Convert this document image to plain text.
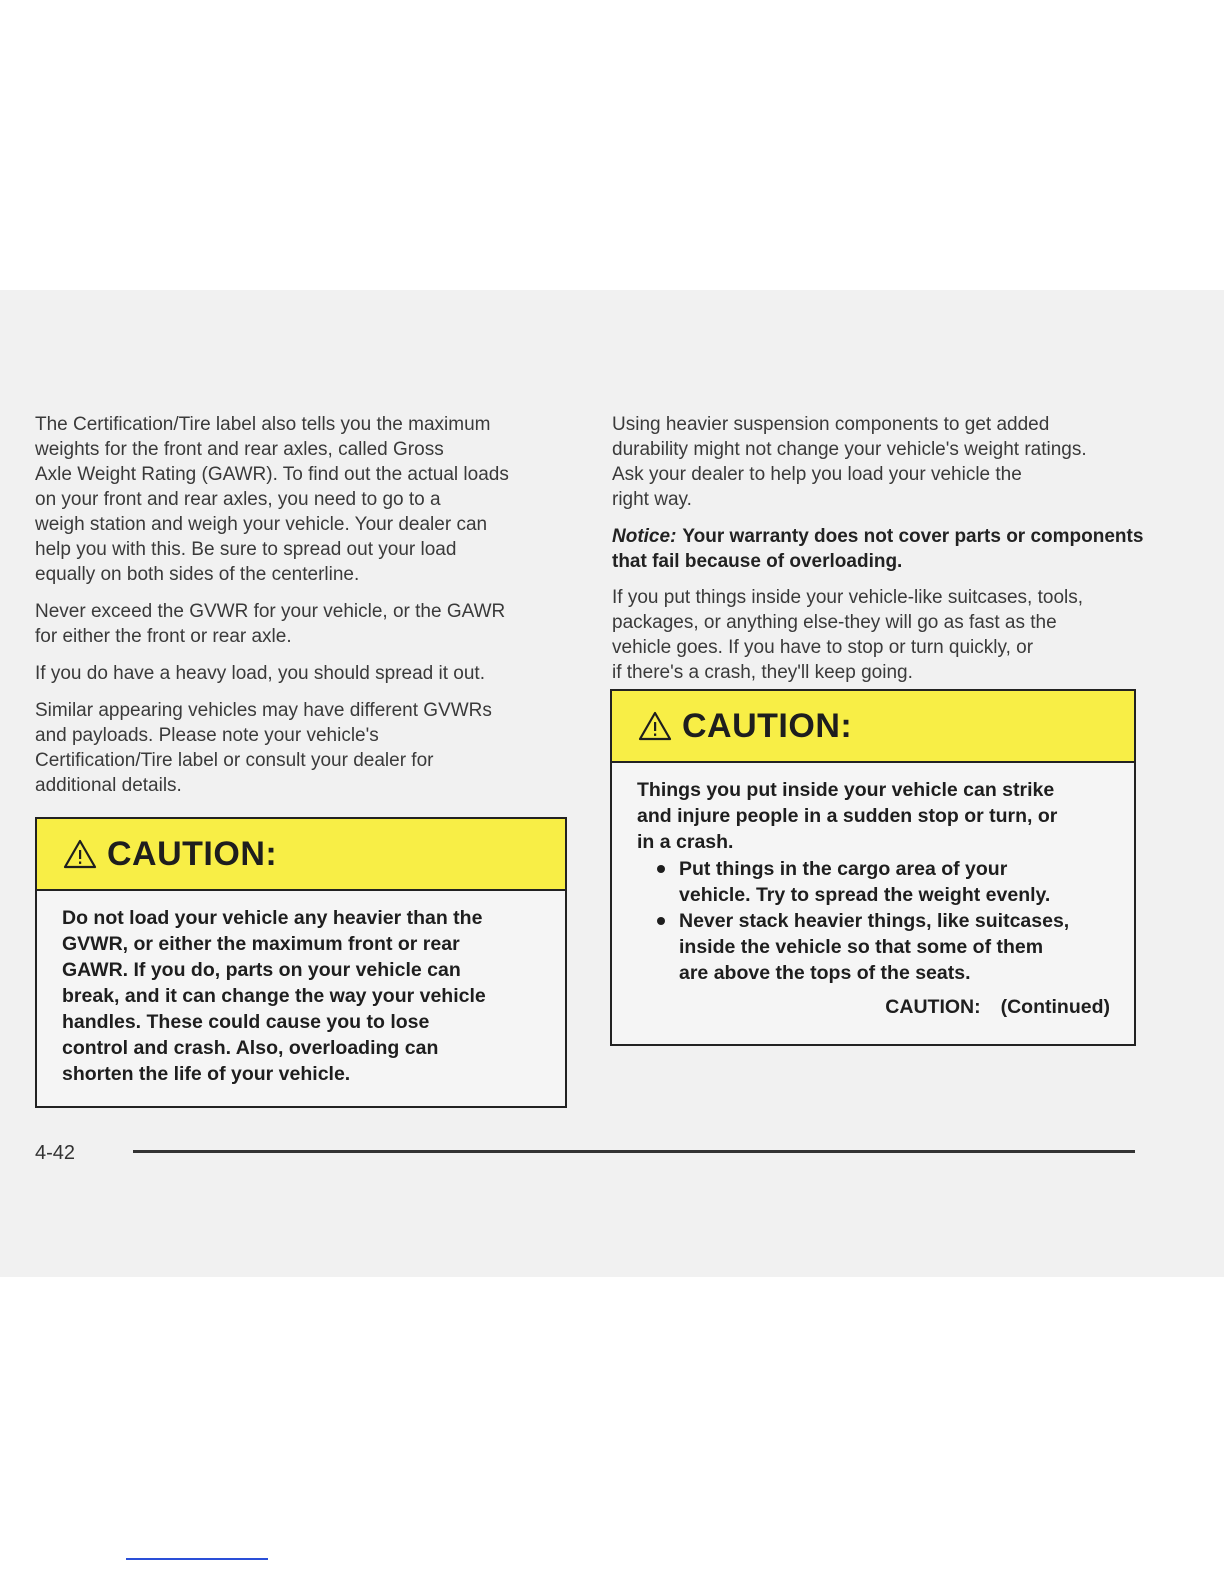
The Certification/Tire label also tells you the maximum
weights for the front and rear axles, called Gross
Axle Weight Rating (GAWR). To find out the actual loads
on your front and rear axles, you need to go to a
weigh station and weigh your vehicle. Your dealer can
help you with this. Be sure to spread out your load
equally on both sides of the centerline.

Never exceed the GVWR for your vehicle, or the GAWR
for either the front or rear axle.

If you do have a heavy load, you should spread it out.

Similar appearing vehicles may have different GVWRs
and payloads. Please note your vehicle's
Certification/Tire label or consult your dealer for
additional details.

CAUTION:

Do not load your vehicle any heavier than the
GVWR, or either the maximum front or rear
GAWR. If you do, parts on your vehicle can
break, and it can change the way your vehicle
handles. These could cause you to lose
control and crash. Also, overloading can
shorten the life of your vehicle.

Using heavier suspension components to get added
durability might not change your vehicle's weight ratings.
Ask your dealer to help you load your vehicle the
right way.

Notice: Your warranty does not cover parts or components that fail because of overloading.

If you put things inside your vehicle-like suitcases, tools,
packages, or anything else-they will go as fast as the
vehicle goes. If you have to stop or turn quickly, or
if there's a crash, they'll keep going.

CAUTION:

Things you put inside your vehicle can strike
and injure people in a sudden stop or turn, or
in a crash.

Put things in the cargo area of your
vehicle. Try to spread the weight evenly.
Never stack heavier things, like suitcases,
inside the vehicle so that some of them
are above the tops of the seats.
CAUTION: (Continued)
4-42
